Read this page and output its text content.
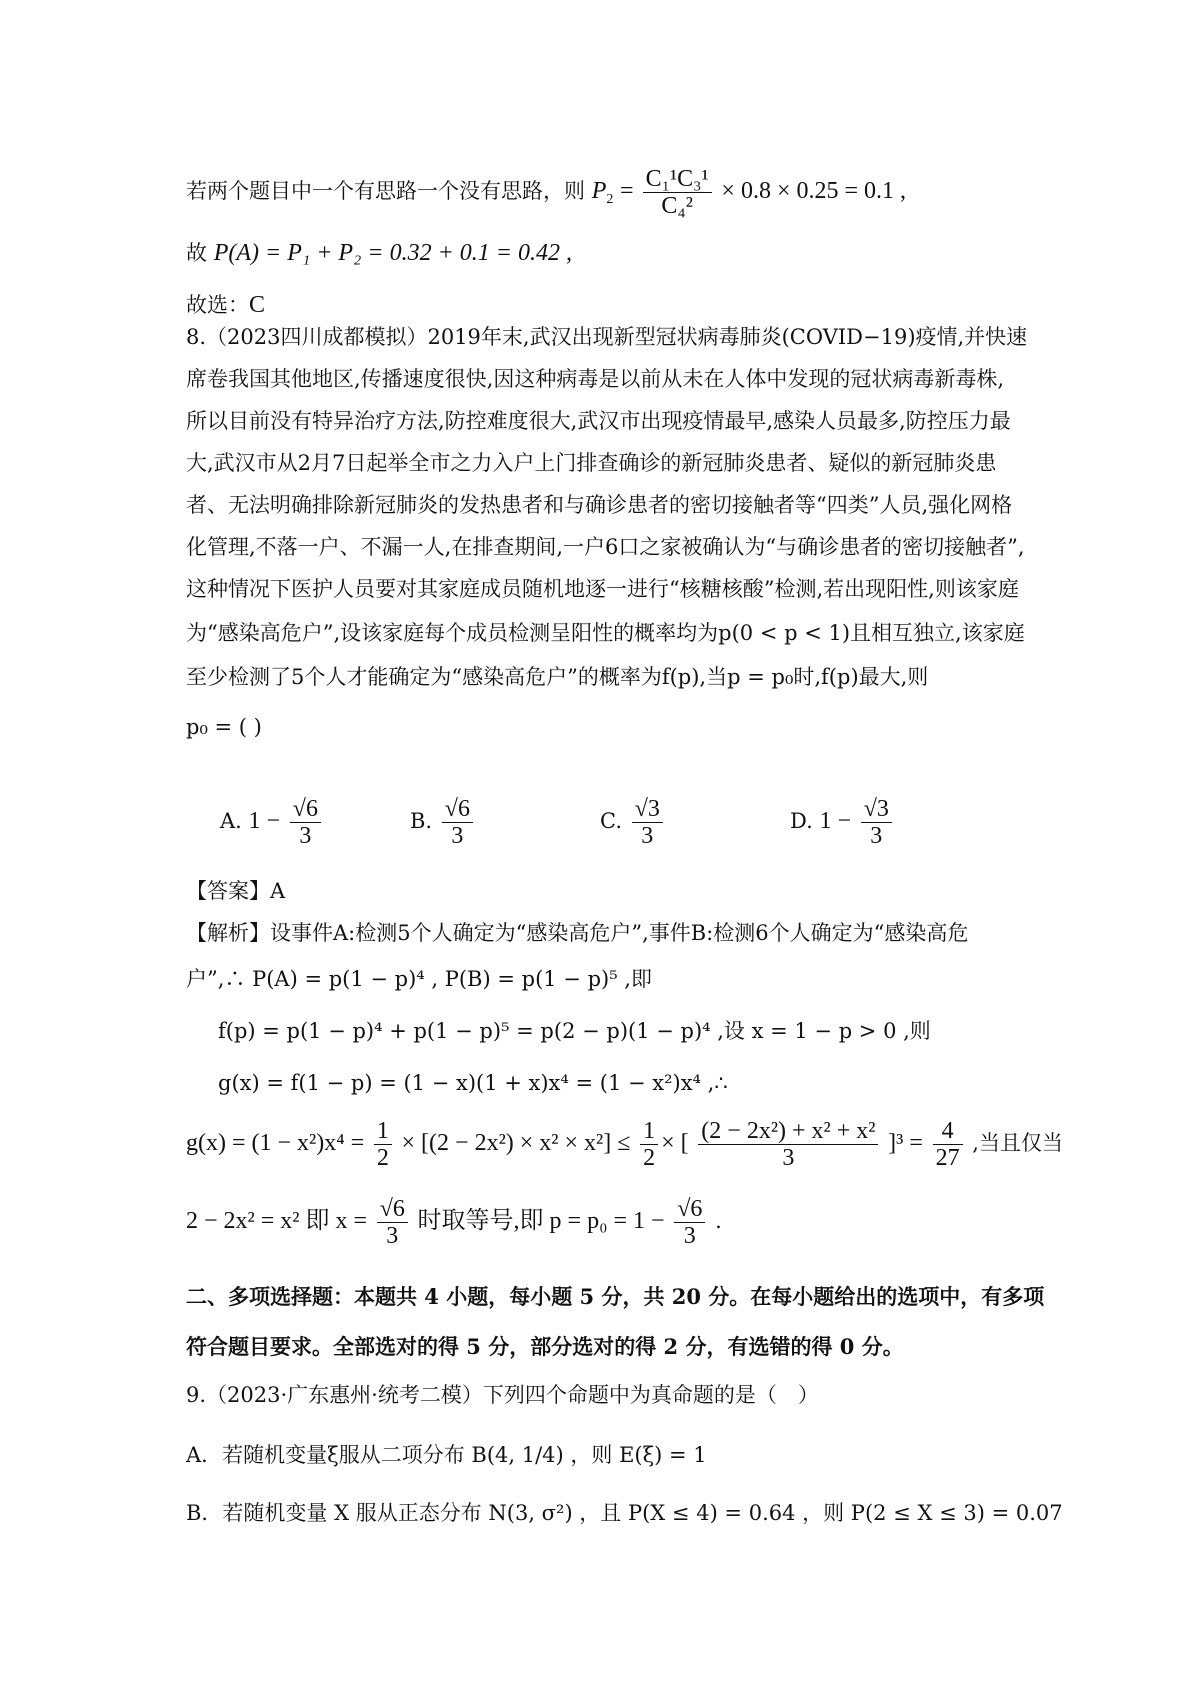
若两个题目中一个有思路一个没有思路，则 $P_2 = \frac{\text{C₁¹C₃¹}}{\text{C₄²}} \times 0.8 \times 0.25 = 0.1$ ,
故 P(A) = P₁ + P₂ = 0.32 + 0.1 = 0.42 ,
故选：C
8.（2023四川成都模拟）2019年末,武汉出现新型冠状病毒肺炎(COVID−19)疫情,并快速
席卷我国其他地区,传播速度很快,因这种病毒是以前从未在人体中发现的冠状病毒新毒株,
所以目前没有特异治疗方法,防控难度很大,武汉市出现疫情最早,感染人员最多,防控压力最
大,武汉市从2月7日起举全市之力入户上门排查确诊的新冠肺炎患者、疑似的新冠肺炎患
者、无法明确排除新冠肺炎的发热患者和与确诊患者的密切接触者等“四类”人员,强化网格
化管理,不落一户、不漏一人,在排查期间,一户6口之家被确认为“与确诊患者的密切接触者”,
这种情况下医护人员要对其家庭成员随机地逐一进行“核糖核酸”检测,若出现阳性,则该家庭
为“感染高危户”,设该家庭每个成员检测呈阳性的概率均为p(0 < p < 1)且相互独立,该家庭
至少检测了5个人才能确定为“感染高危户”的概率为f(p),当p = p₀时,f(p)最大,则
p₀ = ( )
A. $1 - \frac{√6}{3}$	B. $\frac{√6}{3}$	C. $\frac{√3}{3}$	D. $1 - \frac{√3}{3}$
【答案】A
【解析】设事件A:检测5个人确定为“感染高危户”,事件B:检测6个人确定为“感染高危
户”,∴ P(A) = p(1 − p)⁴ , P(B) = p(1 − p)⁵ ,即
f(p) = p(1 − p)⁴ + p(1 − p)⁵ = p(2 − p)(1 − p)⁴ ,设 x = 1 − p > 0 ,则
g(x) = f(1 − p) = (1 − x)(1 + x)x⁴ = (1 − x²)x⁴ ,∴
$g(x) = (1 - x^2)x^4 = \frac{1}{2} \times [(2 - 2x^2) \times x^2 \times x^2] \le \frac{1}{2}$ × [ $\frac{\text{(2 − 2x²) + x² + x²}}{3} ]^3 = \frac{4}{27}$ ,当且仅当
2 − 2x² = x² 即 $x = \frac{√6}{3}$ 时取等号,即 $p = p_0 = 1 - \frac{√6}{3}$ .
二、多项选择题：本题共 4 小题，每小题 5 分，共 20 分。在每小题给出的选项中，有多项
符合题目要求。全部选对的得 5 分，部分选对的得 2 分，有选错的得 0 分。
9.（2023·广东惠州·统考二模）下列四个命题中为真命题的是（　）
A．若随机变量ξ服从二项分布 B(4, 1/4) ，则 E(ξ) = 1
B．若随机变量 X 服从正态分布 N(3, σ²) ，且 P(X ≤ 4) = 0.64 ，则 P(2 ≤ X ≤ 3) = 0.07
